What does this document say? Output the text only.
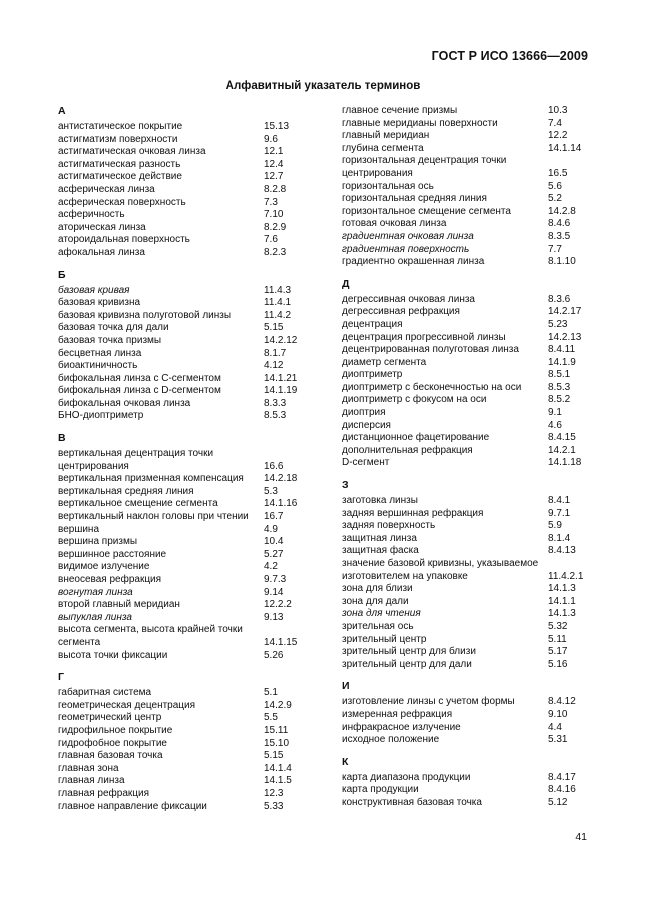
ГОСТ Р ИСО 13666—2009
Алфавитный указатель терминов
А
антистатическое покрытие	15.13
астигматизм поверхности	9.6
астигматическая очковая линза	12.1
астигматическая разность	12.4
астигматическое действие	12.7
асферическая линза	8.2.8
асферическая поверхность	7.3
асферичность	7.10
аторическая линза	8.2.9
атороидальная поверхность	7.6
афокальная линза	8.2.3
Б
базовая кривая	11.4.3
базовая кривизна	11.4.1
базовая кривизна полуготовой линзы	11.4.2
базовая точка для дали	5.15
базовая точка призмы	14.2.12
бесцветная линза	8.1.7
биоактиничность	4.12
бифокальная линза с C-сегментом	14.1.21
бифокальная линза с D-сегментом	14.1.19
бифокальная очковая линза	8.3.3
БНО-диоптриметр	8.5.3
В
вертикальная децентрация точки
центрирования	16.6
вертикальная призменная компенсация	14.2.18
вертикальная средняя линия	5.3
вертикальное смещение сегмента	14.1.16
вертикальный наклон головы при чтении	16.7
вершина	4.9
вершина призмы	10.4
вершинное расстояние	5.27
видимое излучение	4.2
внеосевая рефракция	9.7.3
вогнутая линза	9.14
второй главный меридиан	12.2.2
выпуклая линза	9.13
высота сегмента, высота крайней точки
сегмента	14.1.15
высота точки фиксации	5.26
Г
габаритная система	5.1
геометрическая децентрация	14.2.9
геометрический центр	5.5
гидрофильное покрытие	15.11
гидрофобное покрытие	15.10
главная базовая точка	5.15
главная зона	14.1.4
главная линза	14.1.5
главная рефракция	12.3
главное направление фиксации	5.33
главное сечение призмы	10.3
главные меридианы поверхности	7.4
главный меридиан	12.2
глубина сегмента	14.1.14
горизонтальная децентрация точки
центрирования	16.5
горизонтальная ось	5.6
горизонтальная средняя линия	5.2
горизонтальное смещение сегмента	14.2.8
готовая очковая линза	8.4.6
градиентная очковая линза	8.3.5
градиентная поверхность	7.7
градиентно окрашенная линза	8.1.10
Д
дегрессивная очковая линза	8.3.6
дегрессивная рефракция	14.2.17
децентрация	5.23
децентрация прогрессивной линзы	14.2.13
децентрированная полуготовая линза	8.4.11
диаметр сегмента	14.1.9
диоптриметр	8.5.1
диоптриметр с бесконечностью на оси	8.5.3
диоптриметр с фокусом на оси	8.5.2
диоптрия	9.1
дисперсия	4.6
дистанционное фацетирование	8.4.15
дополнительная рефракция	14.2.1
D-сегмент	14.1.18
З
заготовка линзы	8.4.1
задняя вершинная рефракция	9.7.1
задняя поверхность	5.9
защитная линза	8.1.4
защитная фаска	8.4.13
значение базовой кривизны, указываемое
изготовителем на упаковке	11.4.2.1
зона для близи	14.1.3
зона для дали	14.1.1
зона для чтения	14.1.3
зрительная ось	5.32
зрительный центр	5.11
зрительный центр для близи	5.17
зрительный центр для дали	5.16
И
изготовление линзы с учетом формы	8.4.12
измеренная рефракция	9.10
инфракрасное излучение	4.4
исходное положение	5.31
К
карта диапазона продукции	8.4.17
карта продукции	8.4.16
конструктивная базовая точка	5.12
41
